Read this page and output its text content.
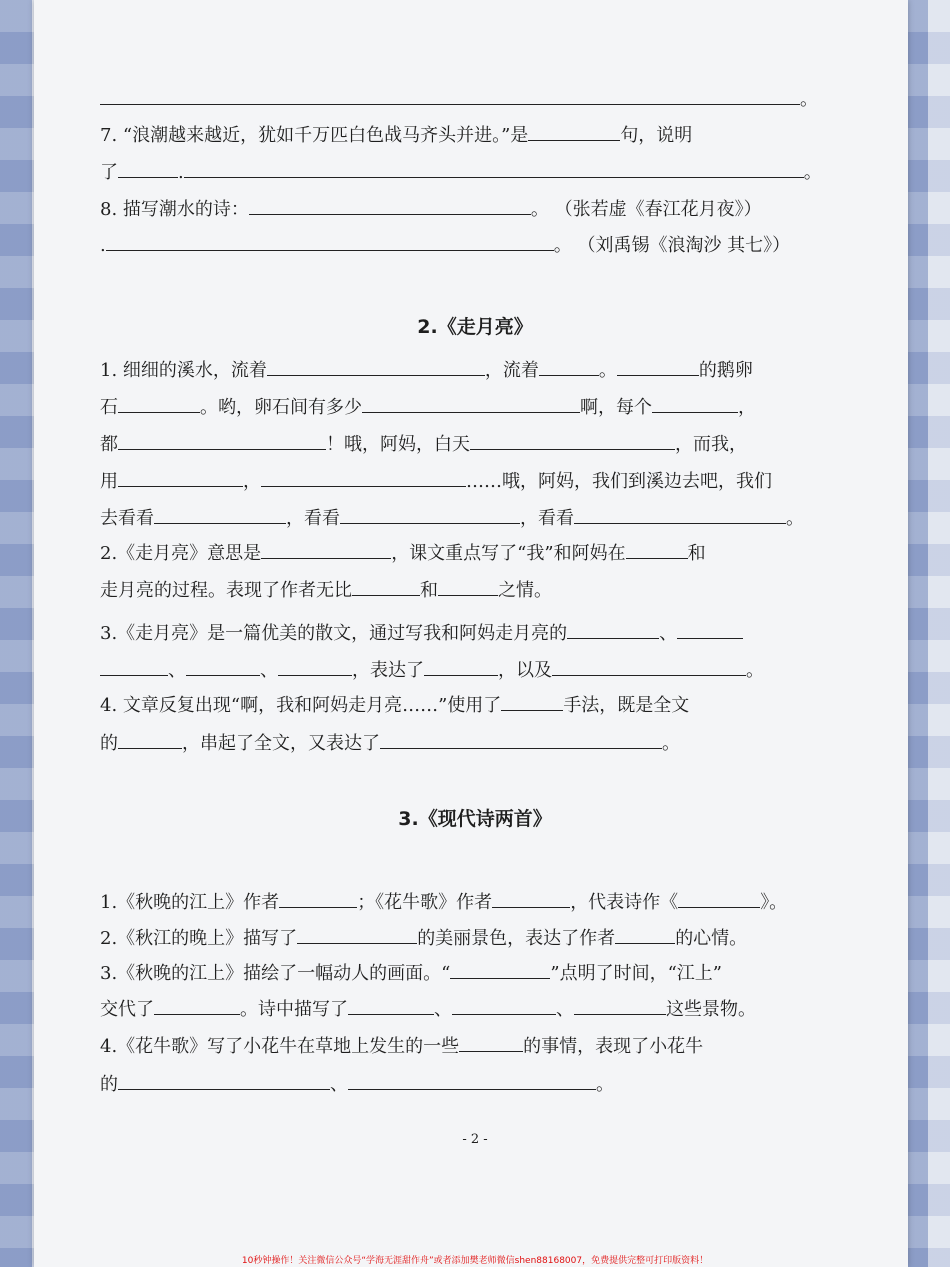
。
7. “浪潮越来越近，犹如千万匹白色战马齐头并进。”是	句，说明
了	.	。
8. 描写潮水的诗：	。 （张若虚《春江花月夜》）
.	。 （刘禹锡《浪淘沙 其七》）
2.《走月亮》
1. 细细的溪水，流着	，流着	。	的鹅卵
石	。哟，卵石间有多少	啊，每个	，
都	！哦，阿妈，白天	，而我，
用	，	……哦，阿妈，我们到溪边去吧，我们
去看看	，看看	，看看	。
2.《走月亮》意思是	，课文重点写了“我”和阿妈在	和
走月亮的过程。表现了作者无比	和	之情。
3.《走月亮》是一篇优美的散文，通过写我和阿妈走月亮的	、
、	、	，表达了	，以及	。
4. 文章反复出现“啊，我和阿妈走月亮……”使用了	手法，既是全文
的	，串起了全文，又表达了	。
3.《现代诗两首》
1.《秋晚的江上》作者	；《花牛歌》作者	，代表诗作《	》。
2.《秋江的晚上》描写了	的美丽景色，表达了作者	的心情。
3.《秋晚的江上》描绘了一幅动人的画面。“	”点明了时间，“江上”
交代了	。诗中描写了	、	、	这些景物。
4.《花牛歌》写了小花牛在草地上发生的一些	的事情，表现了小花牛
的	、	。
- 2 -
10秒钟操作！关注微信公众号“学海无涯甜作舟”或者添加樊老师微信shen88168007，免费提供完整可打印版资料！
